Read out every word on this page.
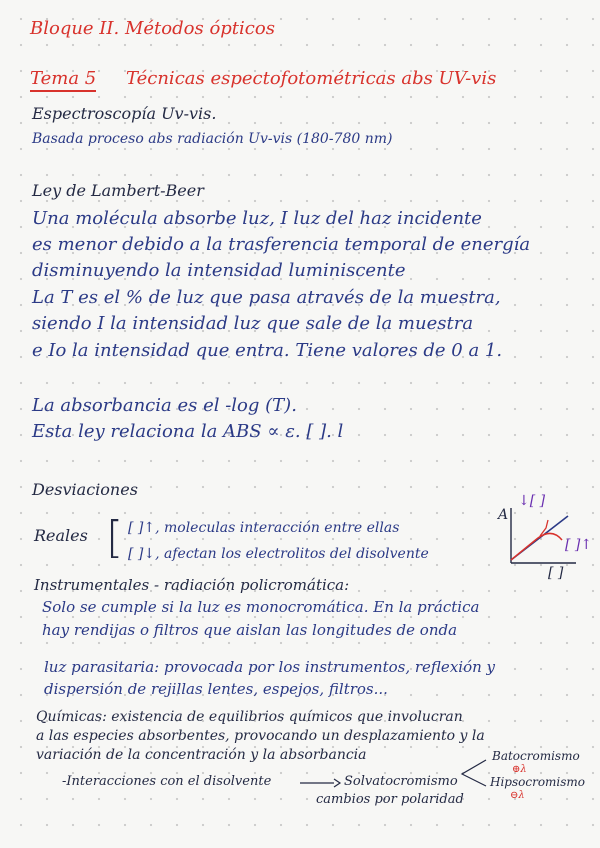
Bloque II. Métodos ópticos
Tema 5 Técnicas espectofotométricas abs UV-vis
Espectroscopía Uv-vis.
Basada proceso abs radiación Uv-vis (180-780 nm)
Ley de Lambert-Beer
Una molécula absorbe luz, I luz del haz incidente
es menor debido a la trasferencia temporal de energía
disminuyendo la intensidad luminiscente
La T es el % de luz que pasa através de la muestra,
siendo I la intensidad luz que sale de la muestra
e Io la intensidad que entra. Tiene valores de 0 a 1.
La absorbancia es el -log (T).
Esta ley relaciona la ABS ∝ ε. [ ]. l
Desviaciones
Reales [ [ ]↑, moleculas interacción entre ellas
[ ]↓, afectan los electrolitos del disolvente
A
↓[ ]
[ ]↑
[ ]
Instrumentales - radiación policromática:
Solo se cumple si la luz es monocromática. En la práctica
hay rendijas o filtros que aislan las longitudes de onda
luz parasitaria: provocada por los instrumentos, reflexión y
dispersión de rejillas lentes, espejos, filtros...
Químicas: existencia de equilibrios químicos que involucran
a las especies absorbentes, provocando un desplazamiento y la
variación de la concentración y la absorbancia
-Interacciones con el disolvente	Solvatocromismo
cambios por polaridad
Batocromismo
⊕λ
Hipsocromismo
⊖λ
